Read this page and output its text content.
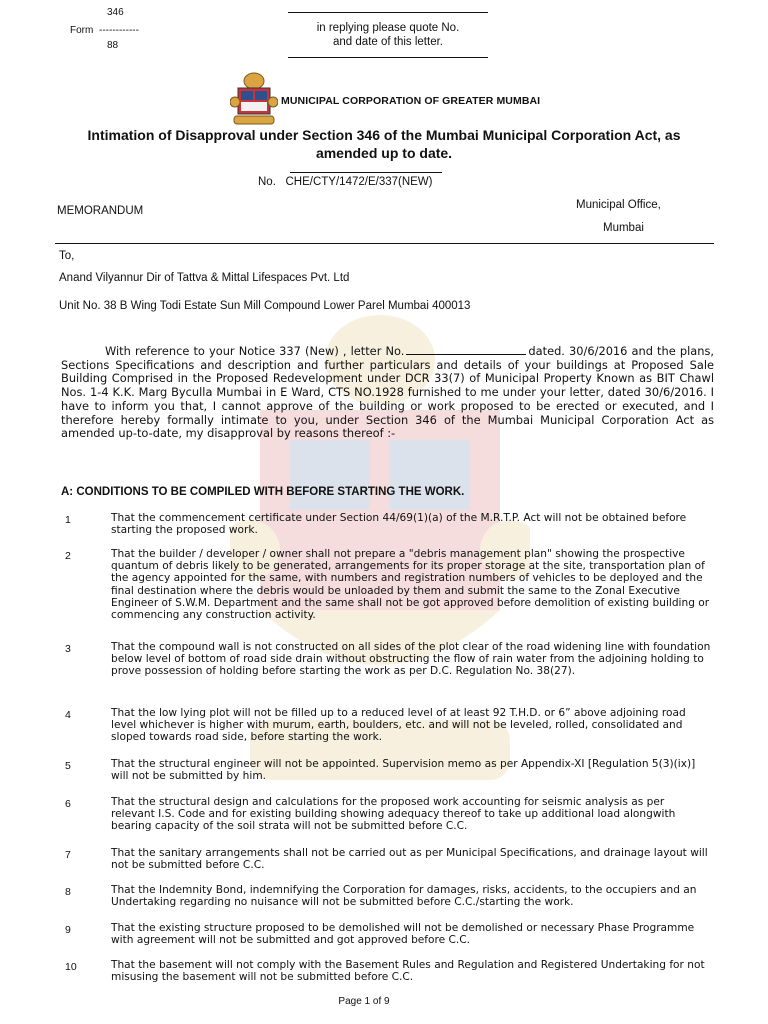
346
Form ------------
88
in replying please quote No.
and date of this letter.
MUNICIPAL CORPORATION OF GREATER MUMBAI
Intimation of Disapproval under Section 346 of the Mumbai Municipal Corporation Act, as
amended up to date.
No. CHE/CTY/1472/E/337(NEW)
MEMORANDUM	Municipal Office,
Mumbai
To,
Anand Vilyannur Dir of Tattva & Mittal Lifespaces Pvt. Ltd
Unit No. 38 B Wing Todi Estate Sun Mill Compound Lower Parel Mumbai 400013
With reference to your Notice 337 (New) , letter No.	dated. 30/6/2016 and the plans, Sections Specifications and description and further particulars and details of your buildings at Proposed Sale Building Comprised in the Proposed Redevelopment under DCR 33(7) of Municipal Property Known as BIT Chawl Nos. 1-4 K.K. Marg Byculla Mumbai in E Ward, CTS NO.1928 furnished to me under your letter, dated 30/6/2016. I have to inform you that, I cannot approve of the building or work proposed to be erected or executed, and I therefore hereby formally intimate to you, under Section 346 of the Mumbai Municipal Corporation Act as amended up-to-date, my disapproval by reasons thereof :-
A: CONDITIONS TO BE COMPILED WITH BEFORE STARTING THE WORK.
1	That the commencement certificate under Section 44/69(1)(a) of the M.R.T.P. Act will not be obtained before starting the proposed work.
2	That the builder / developer / owner shall not prepare a "debris management plan" showing the prospective quantum of debris likely to be generated, arrangements for its proper storage at the site, transportation plan of the agency appointed for the same, with numbers and registration numbers of vehicles to be deployed and the final destination where the debris would be unloaded by them and submit the same to the Zonal Executive Engineer of S.W.M. Department and the same shall not be got approved before demolition of existing building or commencing any construction activity.
3	That the compound wall is not constructed on all sides of the plot clear of the road widening line with foundation below level of bottom of road side drain without obstructing the flow of rain water from the adjoining holding to prove possession of holding before starting the work as per D.C. Regulation No. 38(27).
4	That the low lying plot will not be filled up to a reduced level of at least 92 T.H.D. or 6” above adjoining road level whichever is higher with murum, earth, boulders, etc. and will not be leveled, rolled, consolidated and sloped towards road side, before starting the work.
5	That the structural engineer will not be appointed. Supervision memo as per Appendix-XI [Regulation 5(3)(ix)] will not be submitted by him.
6	That the structural design and calculations for the proposed work accounting for seismic analysis as per relevant I.S. Code and for existing building showing adequacy thereof to take up additional load alongwith bearing capacity of the soil strata will not be submitted before C.C.
7	That the sanitary arrangements shall not be carried out as per Municipal Specifications, and drainage layout will not be submitted before C.C.
8	That the Indemnity Bond, indemnifying the Corporation for damages, risks, accidents, to the occupiers and an Undertaking regarding no nuisance will not be submitted before C.C./starting the work.
9	That the existing structure proposed to be demolished will not be demolished or necessary Phase Programme with agreement will not be submitted and got approved before C.C.
10	That the basement will not comply with the Basement Rules and Regulation and Registered Undertaking for not misusing the basement will not be submitted before C.C.
Page 1 of 9
